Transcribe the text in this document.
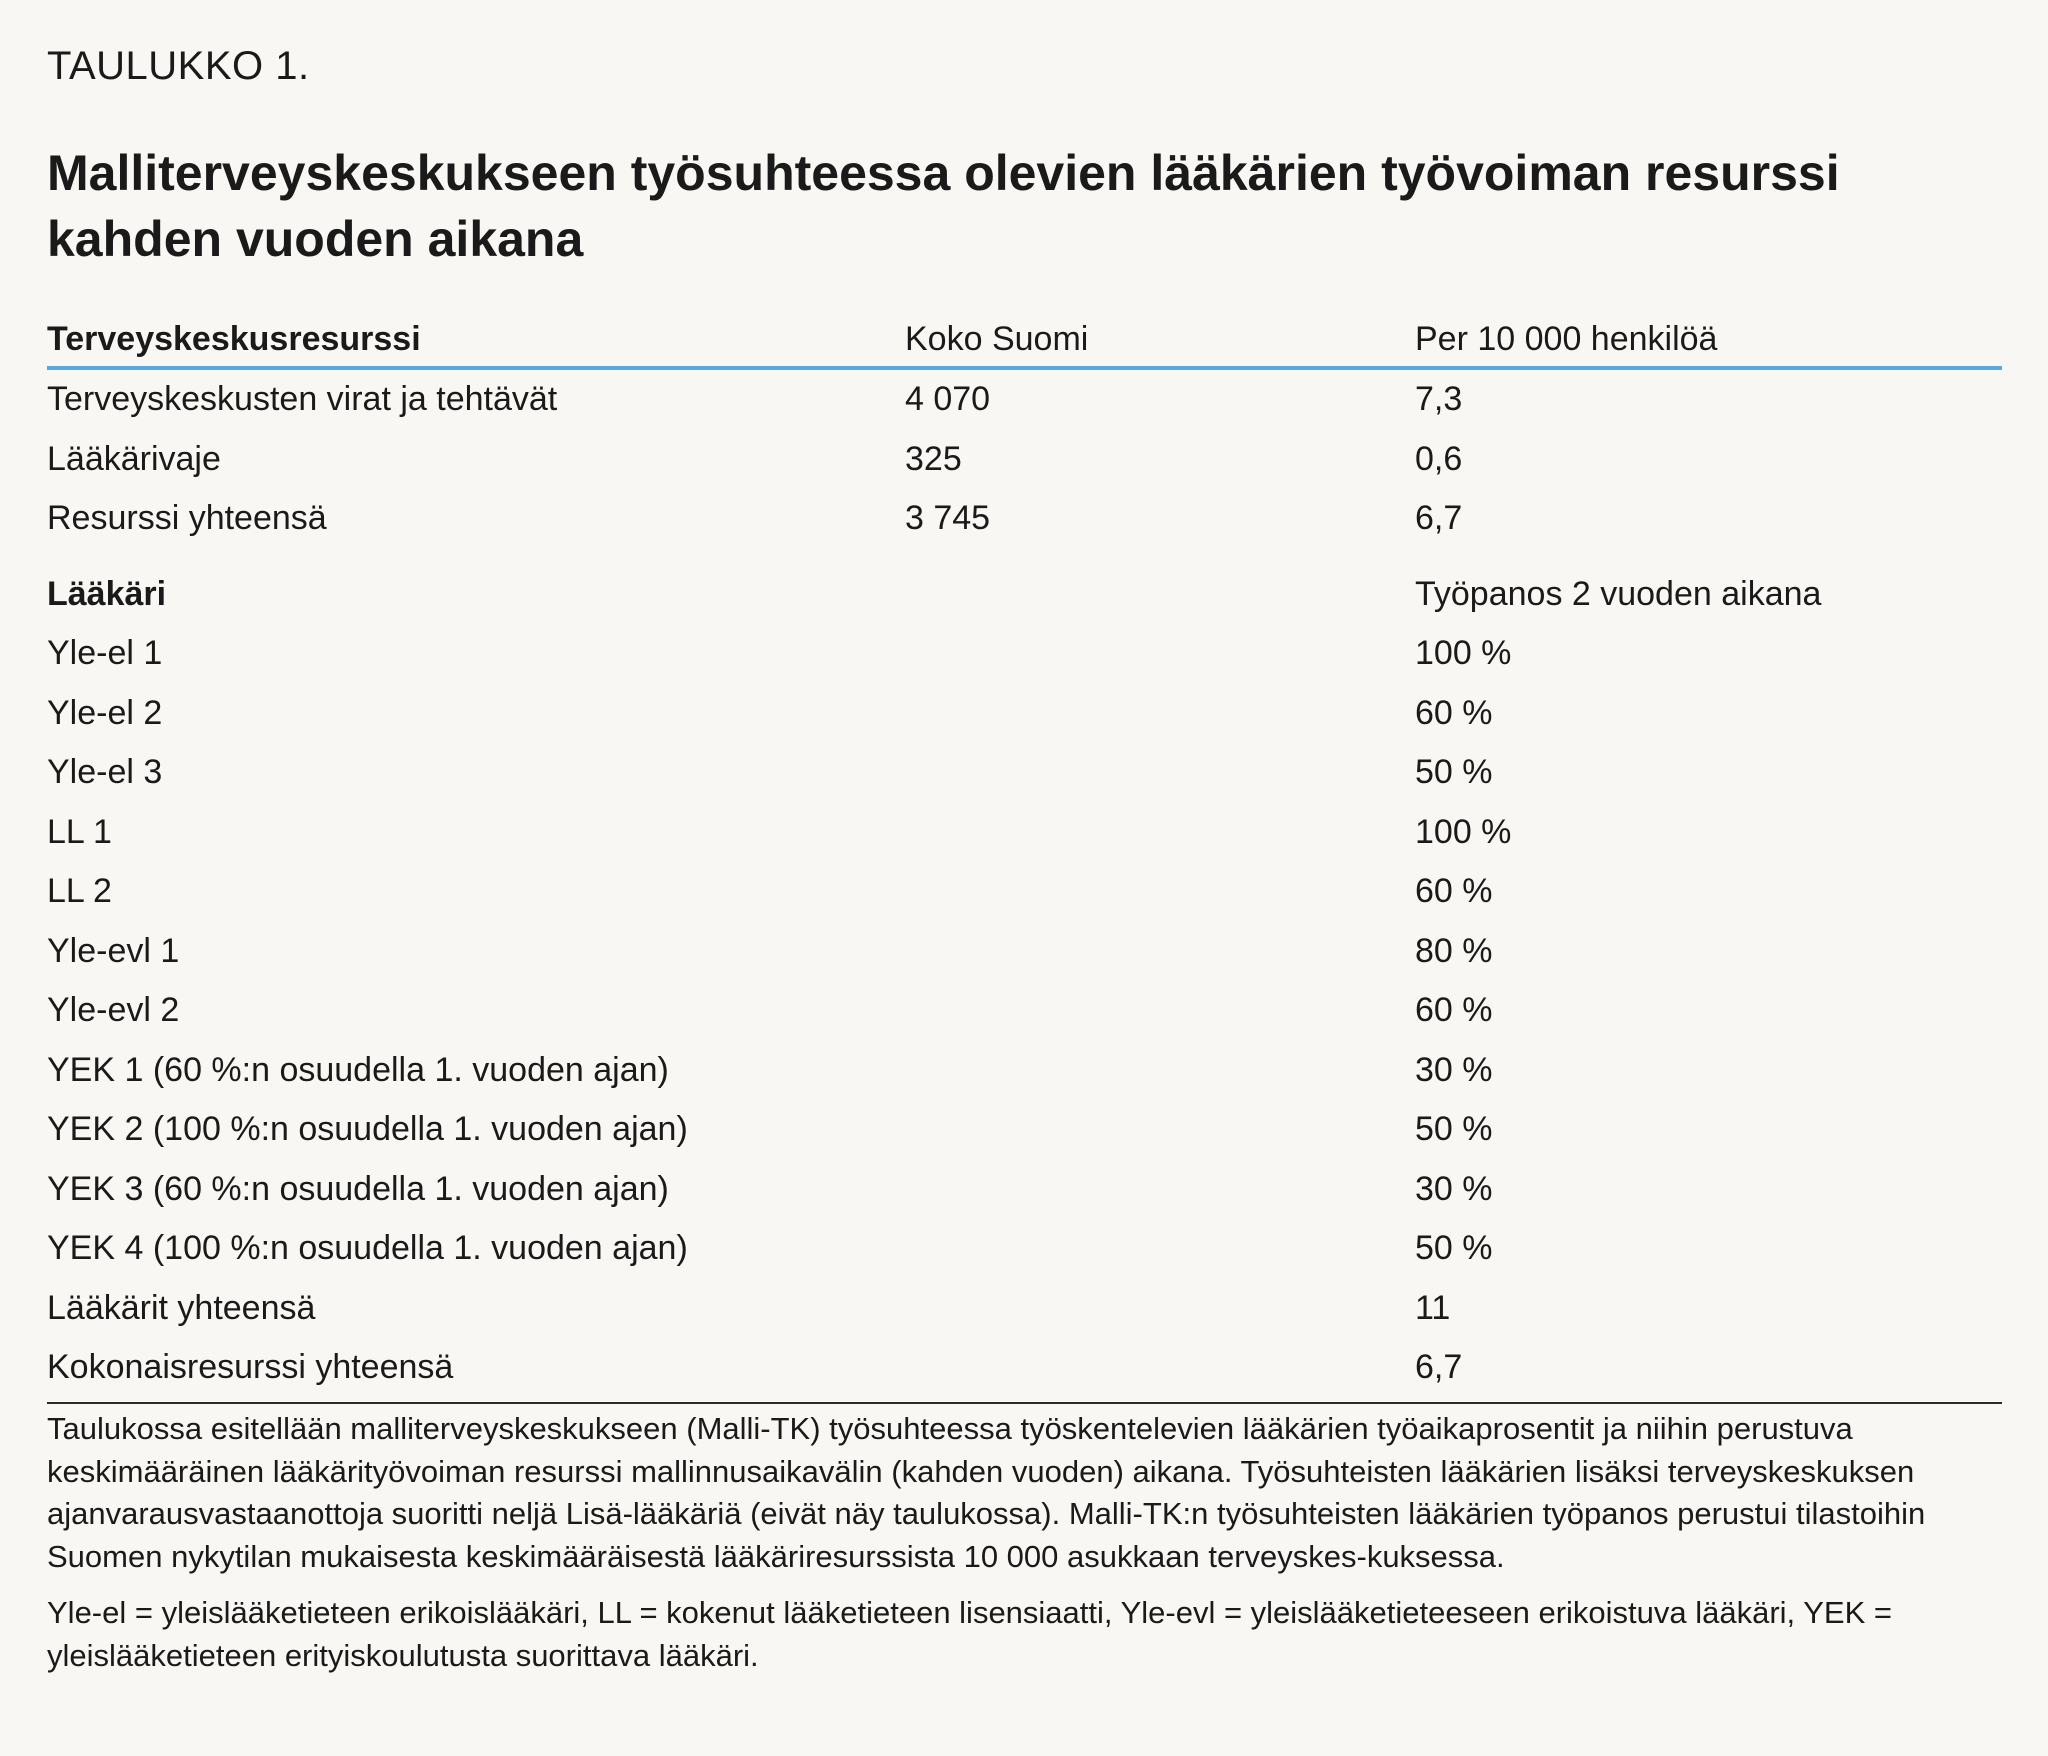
TAULUKKO 1.
Malliterveyskeskukseen työsuhteessa olevien lääkärien työvoiman resurssi kahden vuoden aikana
Terveyskeskusresurssi	Koko Suomi	Per 10 000 henkilöä
Terveyskeskusten virat ja tehtävät	4 070	7,3
Lääkärivaje	325	0,6
Resurssi yhteensä	3 745	6,7
Lääkäri	Työpanos 2 vuoden aikana
Yle-el 1	100 %
Yle-el 2	60 %
Yle-el 3	50 %
LL 1	100 %
LL 2	60 %
Yle-evl 1	80 %
Yle-evl 2	60 %
YEK 1 (60 %:n osuudella 1. vuoden ajan)	30 %
YEK 2 (100 %:n osuudella 1. vuoden ajan)	50 %
YEK 3 (60 %:n osuudella 1. vuoden ajan)	30 %
YEK 4 (100 %:n osuudella 1. vuoden ajan)	50 %
Lääkärit yhteensä	11
Kokonaisresurssi yhteensä	6,7

Taulukossa esitellään malliterveyskeskukseen (Malli-TK) työsuhteessa työskentelevien lääkärien työaikaprosentit ja niihin perustuva keskimääräinen lääkärityövoiman resurssi mallinnusaikavälin (kahden vuoden) aikana. Työsuhteisten lääkärien lisäksi terveyskeskuksen ajanvarausvastaanottoja suoritti neljä Lisä-lääkäriä (eivät näy taulukossa). Malli-TK:n työsuhteisten lääkärien työpanos perustui tilastoihin Suomen nykytilan mukaisesta keskimääräisestä lääkäriresurssista 10 000 asukkaan terveyskes-kuksessa.

Yle-el = yleislääketieteen erikoislääkäri, LL = kokenut lääketieteen lisensiaatti, Yle-evl = yleislääketieteeseen erikoistuva lääkäri, YEK = yleislääketieteen erityiskoulutusta suorittava lääkäri.
